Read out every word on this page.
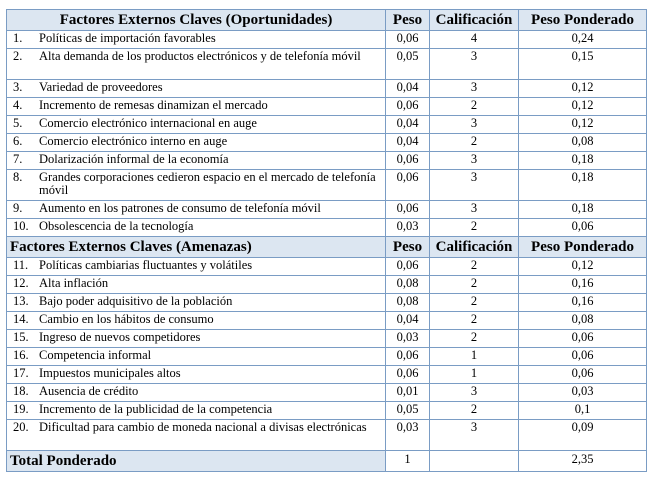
Factores Externos Claves (Oportunidades)	Peso	Calificación	Peso Ponderado
1. Políticas de importación favorables	0,06	4	0,24
2. Alta demanda de los productos electrónicos y de telefonía móvil	0,05	3	0,15
3. Variedad de proveedores	0,04	3	0,12
4. Incremento de remesas dinamizan el mercado	0,06	2	0,12
5. Comercio electrónico internacional en auge	0,04	3	0,12
6. Comercio electrónico interno en auge	0,04	2	0,08
7. Dolarización informal de la economía	0,06	3	0,18
8. Grandes corporaciones cedieron espacio en el mercado de telefonía móvil	0,06	3	0,18
9. Aumento en los patrones de consumo de telefonía móvil	0,06	3	0,18
10. Obsolescencia de la tecnología	0,03	2	0,06
Factores Externos Claves (Amenazas)	Peso	Calificación	Peso Ponderado
11. Políticas cambiarias fluctuantes y volátiles	0,06	2	0,12
12. Alta inflación	0,08	2	0,16
13. Bajo poder adquisitivo de la población	0,08	2	0,16
14. Cambio en los hábitos de consumo	0,04	2	0,08
15. Ingreso de nuevos competidores	0,03	2	0,06
16. Competencia informal	0,06	1	0,06
17. Impuestos municipales altos	0,06	1	0,06
18. Ausencia de crédito	0,01	3	0,03
19. Incremento de la publicidad de la competencia	0,05	2	0,1
20. Dificultad para cambio de moneda nacional a divisas electrónicas	0,03	3	0,09
Total Ponderado	1		2,35
